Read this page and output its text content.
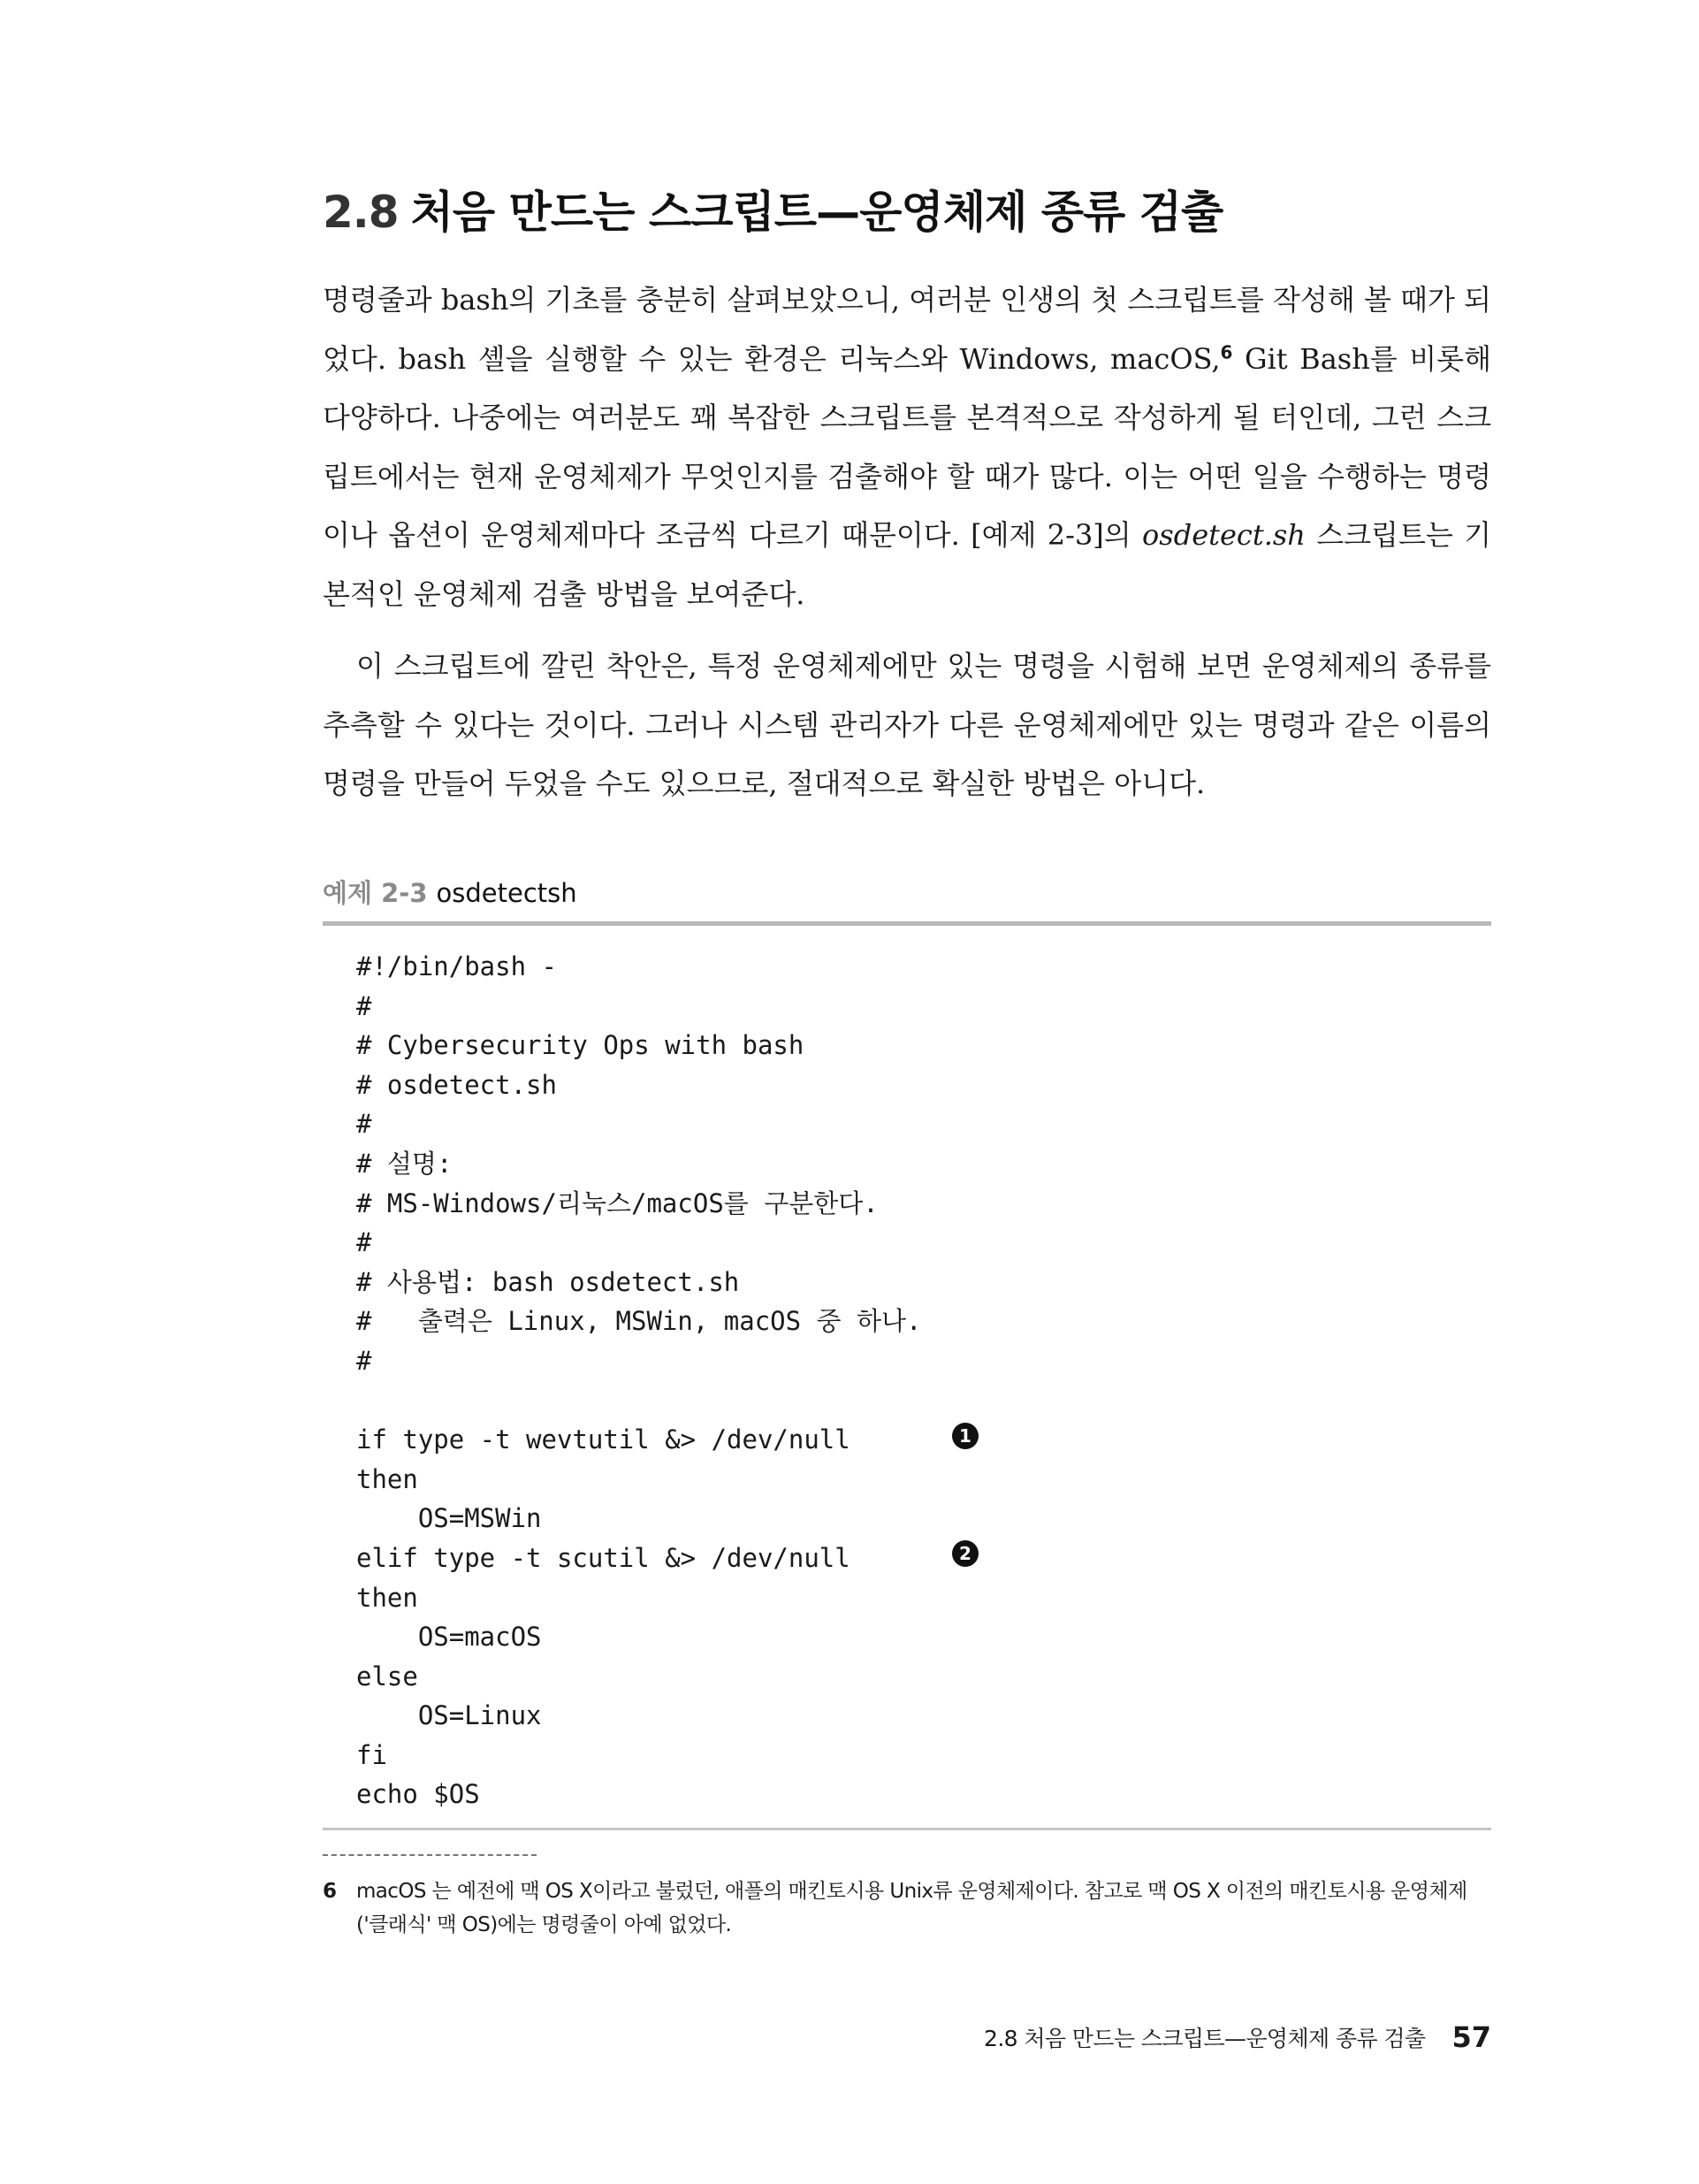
2.8 처음 만드는 스크립트—운영체제 종류 검출

명령줄과 bash의 기초를 충분히 살펴보았으니, 여러분 인생의 첫 스크립트를 작성해 볼 때가 되었다. bash 셸을 실행할 수 있는 환경은 리눅스와 Windows, macOS,$^6$ Git Bash를 비롯해 다양하다. 나중에는 여러분도 꽤 복잡한 스크립트를 본격적으로 작성하게 될 터인데, 그런 스크립트에서는 현재 운영체제가 무엇인지를 검출해야 할 때가 많다. 이는 어떤 일을 수행하는 명령이나 옵션이 운영체제마다 조금씩 다르기 때문이다. [예제 2-3]의 osdetect.sh 스크립트는 기본적인 운영체제 검출 방법을 보여준다.

이 스크립트에 깔린 착안은, 특정 운영체제에만 있는 명령을 시험해 보면 운영체제의 종류를 추측할 수 있다는 것이다. 그러나 시스템 관리자가 다른 운영체제에만 있는 명령과 같은 이름의 명령을 만들어 두었을 수도 있으므로, 절대적으로 확실한 방법은 아니다.

예제 2-3 osdetectsh
#!/bin/bash -
#
# Cybersecurity Ops with bash
# osdetect.sh
#
# 설명:
# MS-Windows/리눅스/macOS를 구분한다.
#
# 사용법: bash osdetect.sh
#   출력은 Linux, MSWin, macOS 중 하나.
#
if type -t wevtutil &> /dev/null
then
OS=MSWin
elif type -t scutil &> /dev/null
then
OS=macOS
else
OS=Linux
fi
echo $OS
1
2
6 macOS 는 예전에 맥 OS X이라고 불렀던, 애플의 매킨토시용 Unix류 운영체제이다. 참고로 맥 OS X 이전의 매킨토시용 운영체제('클래식' 맥 OS)에는 명령줄이 아예 없었다.
2.8 처음 만드는 스크립트—운영체제 종류 검출 57
